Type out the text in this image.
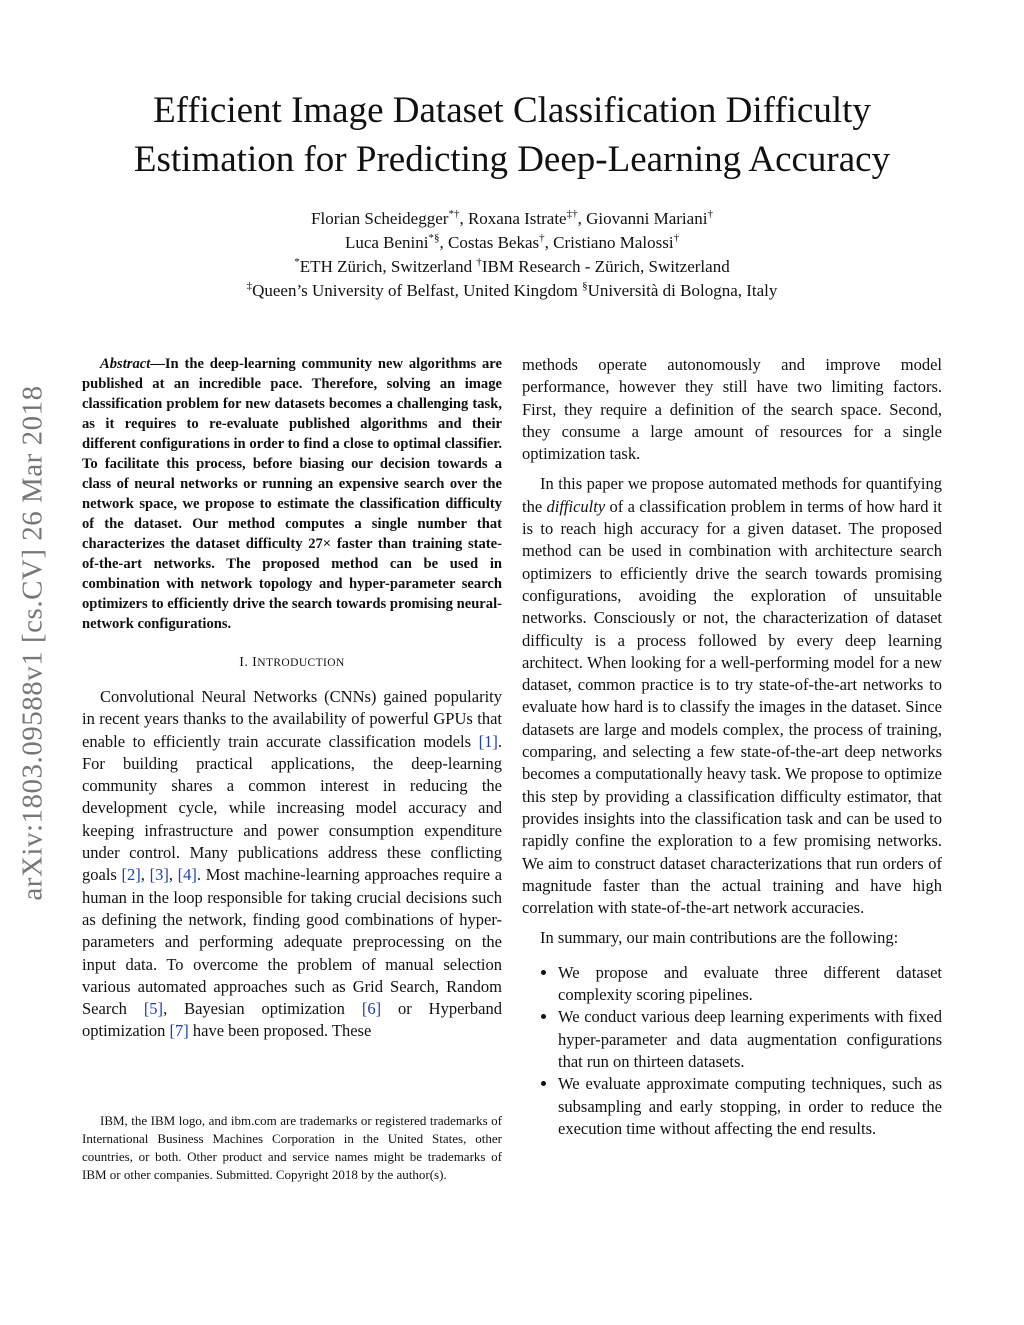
Efficient Image Dataset Classification Difficulty
Estimation for Predicting Deep-Learning Accuracy
Florian Scheidegger*†, Roxana Istrate‡†, Giovanni Mariani†
Luca Benini*§, Costas Bekas†, Cristiano Malossi†
*ETH Zürich, Switzerland †IBM Research - Zürich, Switzerland
‡Queen’s University of Belfast, United Kingdom §Università di Bologna, Italy
arXiv:1803.09588v1 [cs.CV] 26 Mar 2018

Abstract—In the deep-learning community new algorithms are published at an incredible pace. Therefore, solving an image classification problem for new datasets becomes a challenging task, as it requires to re-evaluate published algorithms and their different configurations in order to find a close to optimal classifier. To facilitate this process, before biasing our decision towards a class of neural networks or running an expensive search over the network space, we propose to estimate the classification difficulty of the dataset. Our method computes a single number that characterizes the dataset difficulty 27× faster than training state-of-the-art networks. The proposed method can be used in combination with network topology and hyper-parameter search optimizers to efficiently drive the search towards promising neural-network configurations.

I. INTRODUCTION

Convolutional Neural Networks (CNNs) gained popularity in recent years thanks to the availability of powerful GPUs that enable to efficiently train accurate classification models [1]. For building practical applications, the deep-learning community shares a common interest in reducing the development cycle, while increasing model accuracy and keeping infrastructure and power consumption expenditure under control. Many publications address these conflicting goals [2], [3], [4]. Most machine-learning approaches require a human in the loop responsible for taking crucial decisions such as defining the network, finding good combinations of hyper-parameters and performing adequate preprocessing on the input data. To overcome the problem of manual selection various automated approaches such as Grid Search, Random Search [5], Bayesian optimization [6] or Hyperband optimization [7] have been proposed. These

IBM, the IBM logo, and ibm.com are trademarks or registered trademarks of International Business Machines Corporation in the United States, other countries, or both. Other product and service names might be trademarks of IBM or other companies. Submitted. Copyright 2018 by the author(s).

methods operate autonomously and improve model performance, however they still have two limiting factors. First, they require a definition of the search space. Second, they consume a large amount of resources for a single optimization task.

In this paper we propose automated methods for quantifying the difficulty of a classification problem in terms of how hard it is to reach high accuracy for a given dataset. The proposed method can be used in combination with architecture search optimizers to efficiently drive the search towards promising configurations, avoiding the exploration of unsuitable networks. Consciously or not, the characterization of dataset difficulty is a process followed by every deep learning architect. When looking for a well-performing model for a new dataset, common practice is to try state-of-the-art networks to evaluate how hard is to classify the images in the dataset. Since datasets are large and models complex, the process of training, comparing, and selecting a few state-of-the-art deep networks becomes a computationally heavy task. We propose to optimize this step by providing a classification difficulty estimator, that provides insights into the classification task and can be used to rapidly confine the exploration to a few promising networks. We aim to construct dataset characterizations that run orders of magnitude faster than the actual training and have high correlation with state-of-the-art network accuracies.

In summary, our main contributions are the following:

• We propose and evaluate three different dataset complexity scoring pipelines.
• We conduct various deep learning experiments with fixed hyper-parameter and data augmentation configurations that run on thirteen datasets.
• We evaluate approximate computing techniques, such as subsampling and early stopping, in order to reduce the execution time without affecting the end results.
